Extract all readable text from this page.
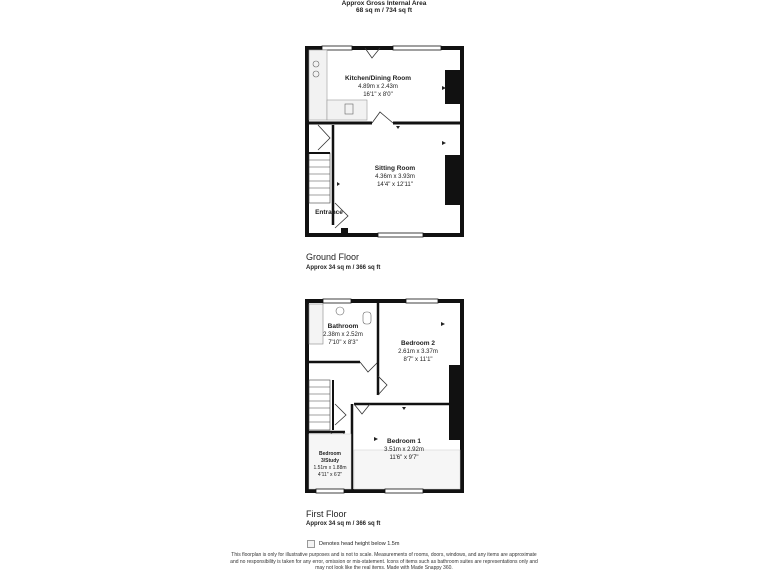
Approx Gross Internal Area
68 sq m / 734 sq ft
Kitchen/Dining Room
4.89m x 2.43m
16'1" x 8'0"
Sitting Room
4.36m x 3.93m
14'4" x 12'11"
Entrance
Bathroom
2.38m x 2.52m
7'10" x 8'3"	Bedroom 2
2.61m x 3.37m
8'7" x 11'1"
Bedroom 1
3.51m x 2.92m
11'6" x 9'7"
Bedroom
3/Study
1.51m x 1.88m
4'11" x 6'2"
Ground Floor
Approx 34 sq m / 366 sq ft
First Floor
Approx 34 sq m / 366 sq ft
Denotes head height below 1.5m
This floorplan is only for illustrative purposes and is not to scale. Measurements of rooms, doors, windows, and any items are approximate
and no responsibility is taken for any error, omission or mis-statement. Icons of items such as bathroom suites are representations only and
may not look like the real items. Made with Made Snappy 360.
